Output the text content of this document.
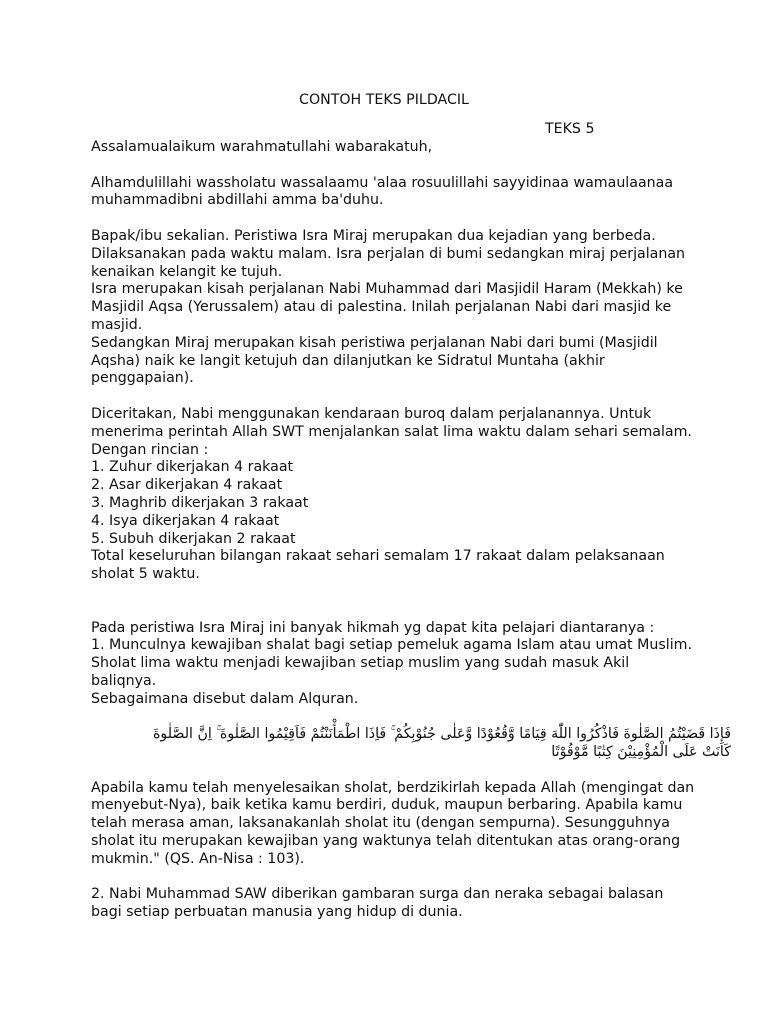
CONTOH TEKS PILDACIL
TEKS 5

Assalamualaikum warahmatullahi wabarakatuh,

Alhamdulillahi wassholatu wassalaamu 'alaa rosuulillahi sayyidinaa wamaulaanaa
muhammadibni abdillahi amma ba'duhu.

Bapak/ibu sekalian. Peristiwa Isra Miraj merupakan dua kejadian yang berbeda.
Dilaksanakan pada waktu malam. Isra perjalan di bumi sedangkan miraj perjalanan
kenaikan kelangit ke tujuh.
Isra merupakan kisah perjalanan Nabi Muhammad dari Masjidil Haram (Mekkah) ke
Masjidil Aqsa (Yerussalem) atau di palestina. Inilah perjalanan Nabi dari masjid ke
masjid.
Sedangkan Miraj merupakan kisah peristiwa perjalanan Nabi dari bumi (Masjidil
Aqsha) naik ke langit ketujuh dan dilanjutkan ke Sidratul Muntaha (akhir
penggapaian).

Diceritakan, Nabi menggunakan kendaraan buroq dalam perjalanannya. Untuk
menerima perintah Allah SWT menjalankan salat lima waktu dalam sehari semalam.
Dengan rincian :
1. Zuhur dikerjakan 4 rakaat
2. Asar dikerjakan 4 rakaat
3. Maghrib dikerjakan 3 rakaat
4. Isya dikerjakan 4 rakaat
5. Subuh dikerjakan 2 rakaat
Total keseluruhan bilangan rakaat sehari semalam 17 rakaat dalam pelaksanaan
sholat 5 waktu.

Pada peristiwa Isra Miraj ini banyak hikmah yg dapat kita pelajari diantaranya :
1. Munculnya kewajiban shalat bagi setiap pemeluk agama Islam atau umat Muslim.
Sholat lima waktu menjadi kewajiban setiap muslim yang sudah masuk Akil
baliqnya.
Sebagaimana disebut dalam Alquran.

فَإِذَا قَضَيْتُمُ الصَّلٰوةَ فَاذْكُرُوا اللّٰهَ قِيَامًا وَّقُعُوْدًا وَّعَلٰى جُنُوْبِكُمْ ۚ فَاِذَا اطْمَأْنَنْتُمْ فَاَقِيْمُوا الصَّلٰوةَ ۚ اِنَّ الصَّلٰوةَ
كَانَتْ عَلَى الْمُؤْمِنِيْنَ كِتٰبًا مَّوْقُوْتًا

Apabila kamu telah menyelesaikan sholat, berdzikirlah kepada Allah (mengingat dan
menyebut-Nya), baik ketika kamu berdiri, duduk, maupun berbaring. Apabila kamu
telah merasa aman, laksanakanlah sholat itu (dengan sempurna). Sesungguhnya
sholat itu merupakan kewajiban yang waktunya telah ditentukan atas orang-orang
mukmin." (QS. An-Nisa : 103).

2. Nabi Muhammad SAW diberikan gambaran surga dan neraka sebagai balasan
bagi setiap perbuatan manusia yang hidup di dunia.
